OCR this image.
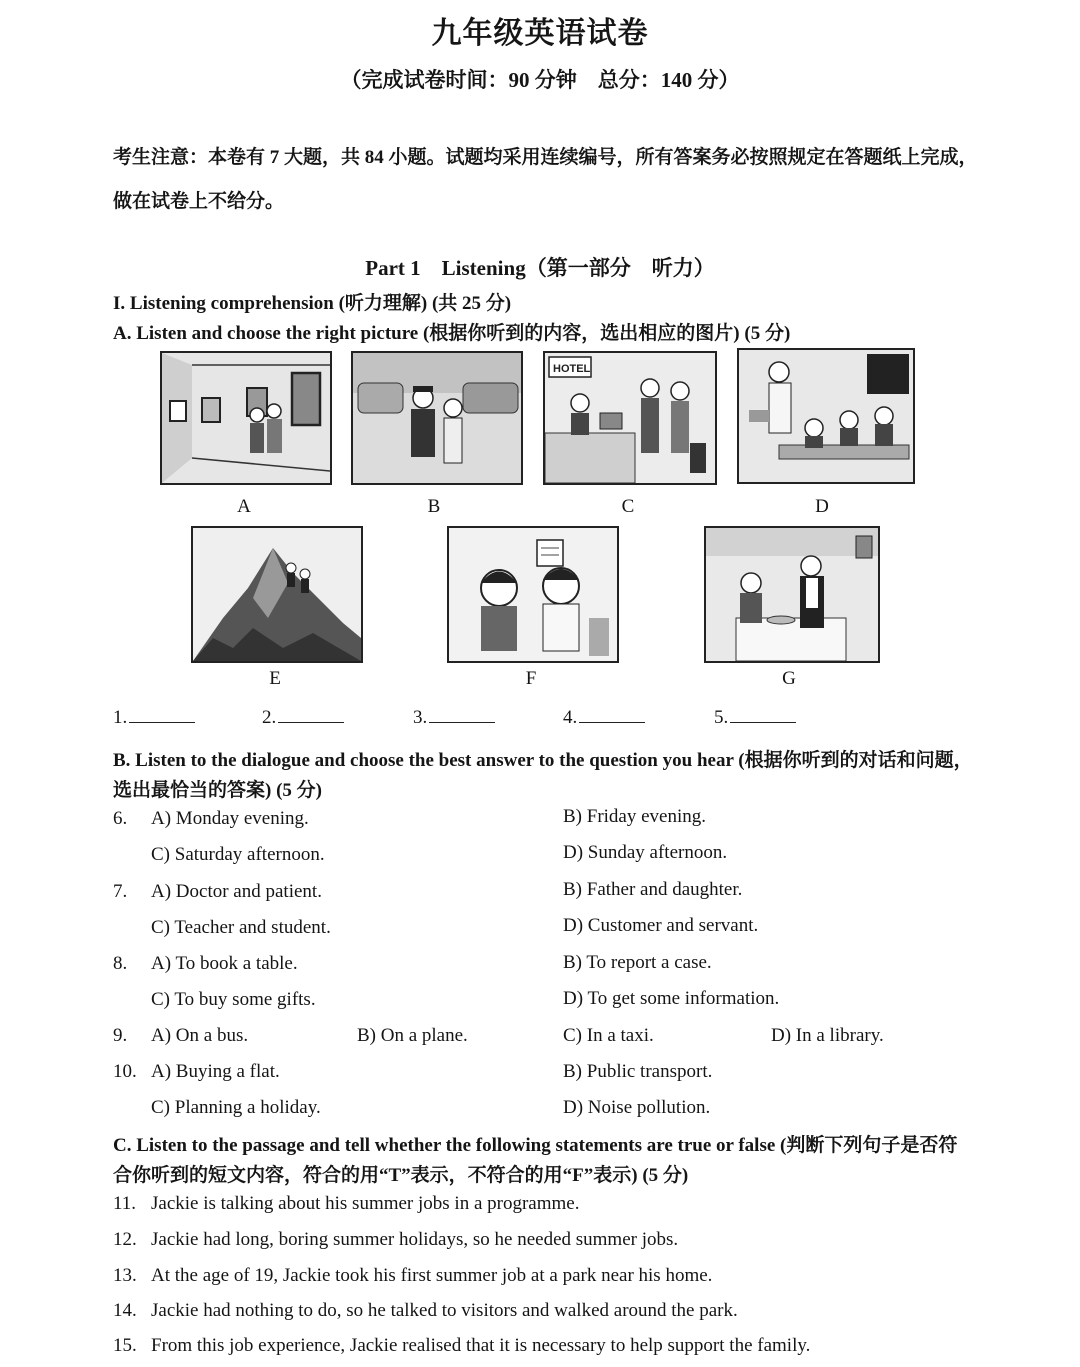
九年级英语试卷
（完成试卷时间：90 分钟　总分：140 分）
考生注意：本卷有 7 大题，共 84 小题。试题均采用连续编号，所有答案务必按照规定在答题纸上完成，
做在试卷上不给分。
Part 1　Listening（第一部分　听力）
I. Listening comprehension (听力理解) (共 25 分)
A. Listen and choose the right picture (根据你听到的内容，选出相应的图片) (5 分)
A	B
HOTEL
C	D
E	F	G
1.	2.	3.	4.	5.
B. Listen to the dialogue and choose the best answer to the question you hear (根据你听到的对话和问题，
选出最恰当的答案) (5 分)
6. A) Monday evening.	B) Friday evening.
C) Saturday afternoon.	D) Sunday afternoon.
7. A) Doctor and patient.	B) Father and daughter.
C) Teacher and student.	D) Customer and servant.
8. A) To book a table.	B) To report a case.
C) To buy some gifts.	D) To get some information.
9. A) On a bus.	B) On a plane.	C) In a taxi.	D) In a library.
10. A) Buying a flat.	B) Public transport.
C) Planning a holiday.	D) Noise pollution.
C. Listen to the passage and tell whether the following statements are true or false (判断下列句子是否符
合你听到的短文内容，符合的用“T”表示，不符合的用“F”表示) (5 分)
11. Jackie is talking about his summer jobs in a programme.
12. Jackie had long, boring summer holidays, so he needed summer jobs.
13. At the age of 19, Jackie took his first summer job at a park near his home.
14. Jackie had nothing to do, so he talked to visitors and walked around the park.
15. From this job experience, Jackie realised that it is necessary to help support the family.
